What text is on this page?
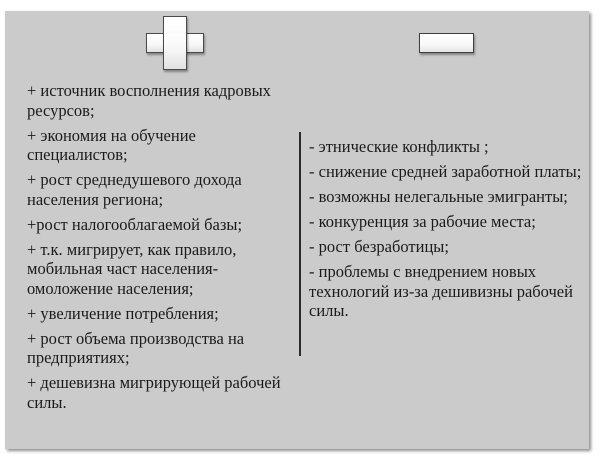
+ источник восполнения кадровых ресурсов;

+ экономия на обучение специалистов;

+ рост среднедушевого дохода населения региона;

+рост налогооблагаемой базы;

+ т.к. мигрирует, как правило, мобильная част населения- омоложение населения;

+ увеличение потребления;

+ рост объема производства на предприятиях;

+ дешевизна мигрирующей рабочей силы.

- этнические конфликты ;

- снижение средней заработной платы;

- возможны нелегальные эмигранты;

- конкуренция за рабочие места;

- рост безработицы;

- проблемы с внедрением новых технологий из-за дешивизны рабочей силы.
